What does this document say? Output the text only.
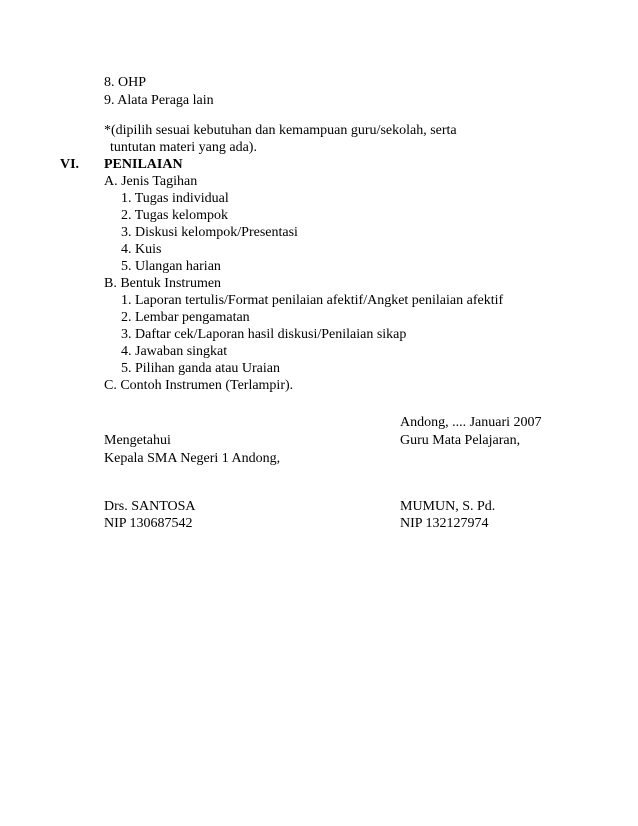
8. OHP
9. Alata Peraga lain
*(dipilih sesuai kebutuhan dan kemampuan guru/sekolah, serta
tuntutan materi yang ada).
VI. PENILAIAN
A. Jenis Tagihan
1. Tugas individual
2. Tugas kelompok
3. Diskusi kelompok/Presentasi
4. Kuis
5. Ulangan harian
B. Bentuk Instrumen
1. Laporan tertulis/Format penilaian afektif/Angket penilaian afektif
2. Lembar pengamatan
3. Daftar cek/Laporan hasil diskusi/Penilaian sikap
4. Jawaban singkat
5. Pilihan ganda atau Uraian
C. Contoh Instrumen (Terlampir).
Andong, .... Januari 2007
Mengetahui	Guru Mata Pelajaran,
Kepala SMA Negeri 1 Andong,
Drs. SANTOSA	MUMUN, S. Pd.
NIP 130687542	NIP 132127974
